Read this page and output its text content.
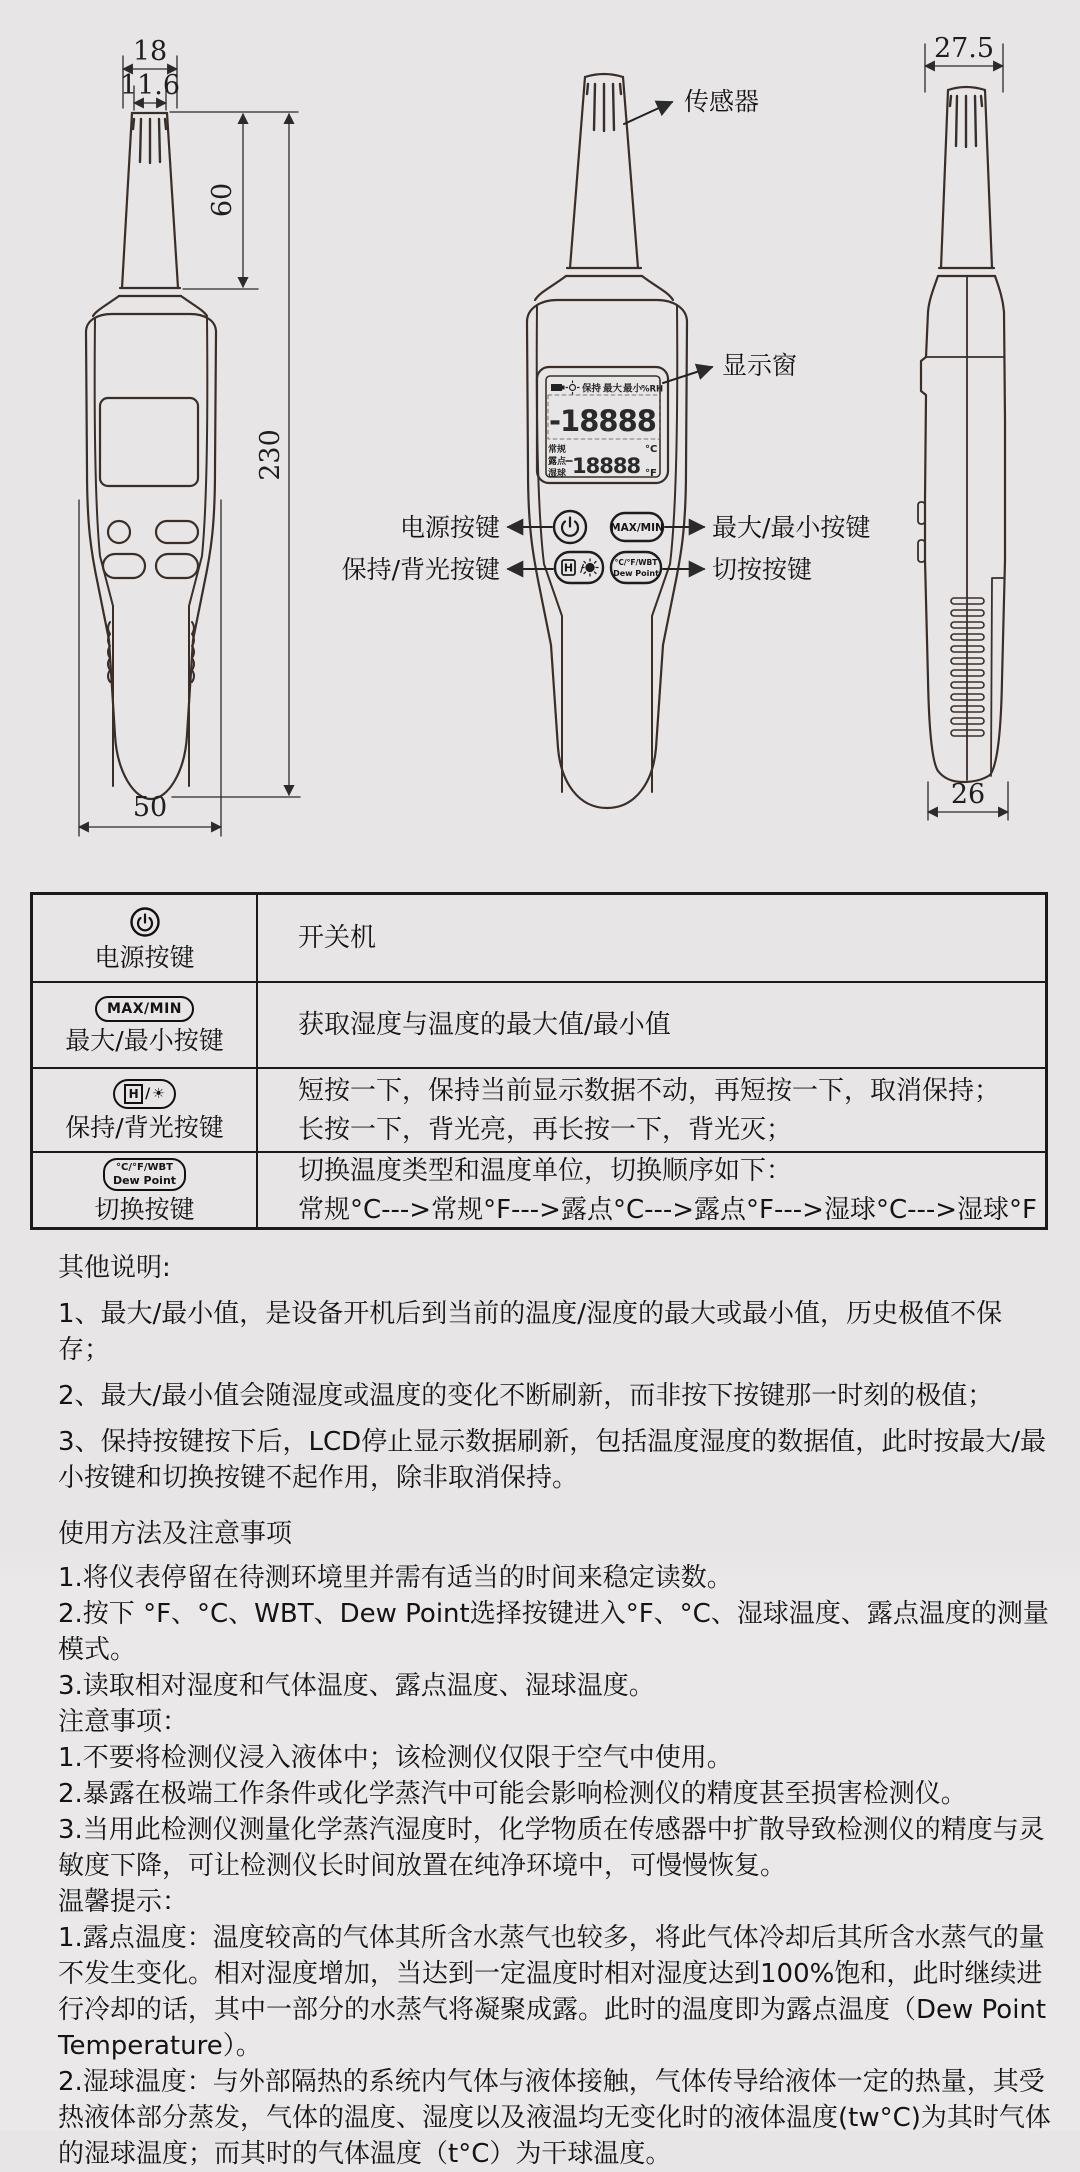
18
11.6
60
230
50
保持 最大 最小
%RH
-18888
常规
露点
湿球 18888
°C
°F
MAX/MIN
H /	°C/°F/WBT
Dew Point
传感器
显示窗
电源按键
保持/背光按键
最大/最小按键
切按按键
27.5
26
电源按键
开关机
MAX/MIN
最大/最小按键
获取湿度与温度的最大值/最小值
H / ☀
保持/背光按键
短按一下，保持当前显示数据不动，再短按一下，取消保持；
长按一下，背光亮，再长按一下，背光灭；
°C/°F/WBT
Dew Point
切换按键
切换温度类型和温度单位，切换顺序如下：
常规°C--->常规°F--->露点°C--->露点°F--->湿球°C--->湿球°F
其他说明:
1、最大/最小值，是设备开机后到当前的温度/湿度的最大或最小值，历史极值不保存；
2、最大/最小值会随湿度或温度的变化不断刷新，而非按下按键那一时刻的极值；
3、保持按键按下后，LCD停止显示数据刷新，包括温度湿度的数据值，此时按最大/最小按键和切换按键不起作用，除非取消保持。
使用方法及注意事项
1.将仪表停留在待测环境里并需有适当的时间来稳定读数。
2.按下 °F、°C、WBT、Dew Point选择按键进入°F、°C、湿球温度、露点温度的测量模式。
3.读取相对湿度和气体温度、露点温度、湿球温度。
注意事项：
1.不要将检测仪浸入液体中；该检测仪仅限于空气中使用。
2.暴露在极端工作条件或化学蒸汽中可能会影响检测仪的精度甚至损害检测仪。
3.当用此检测仪测量化学蒸汽湿度时，化学物质在传感器中扩散导致检测仪的精度与灵敏度下降，可让检测仪长时间放置在纯净环境中，可慢慢恢复。
温馨提示：
1.露点温度：温度较高的气体其所含水蒸气也较多，将此气体冷却后其所含水蒸气的量不发生变化。相对湿度增加，当达到一定温度时相对湿度达到100%饱和，此时继续进行冷却的话，其中一部分的水蒸气将凝聚成露。此时的温度即为露点温度（Dew Point Temperature）。
2.湿球温度：与外部隔热的系统内气体与液体接触，气体传导给液体一定的热量，其受热液体部分蒸发，气体的温度、湿度以及液温均无变化时的液体温度(tw°C)为其时气体的湿球温度；而其时的气体温度（t°C）为干球温度。
